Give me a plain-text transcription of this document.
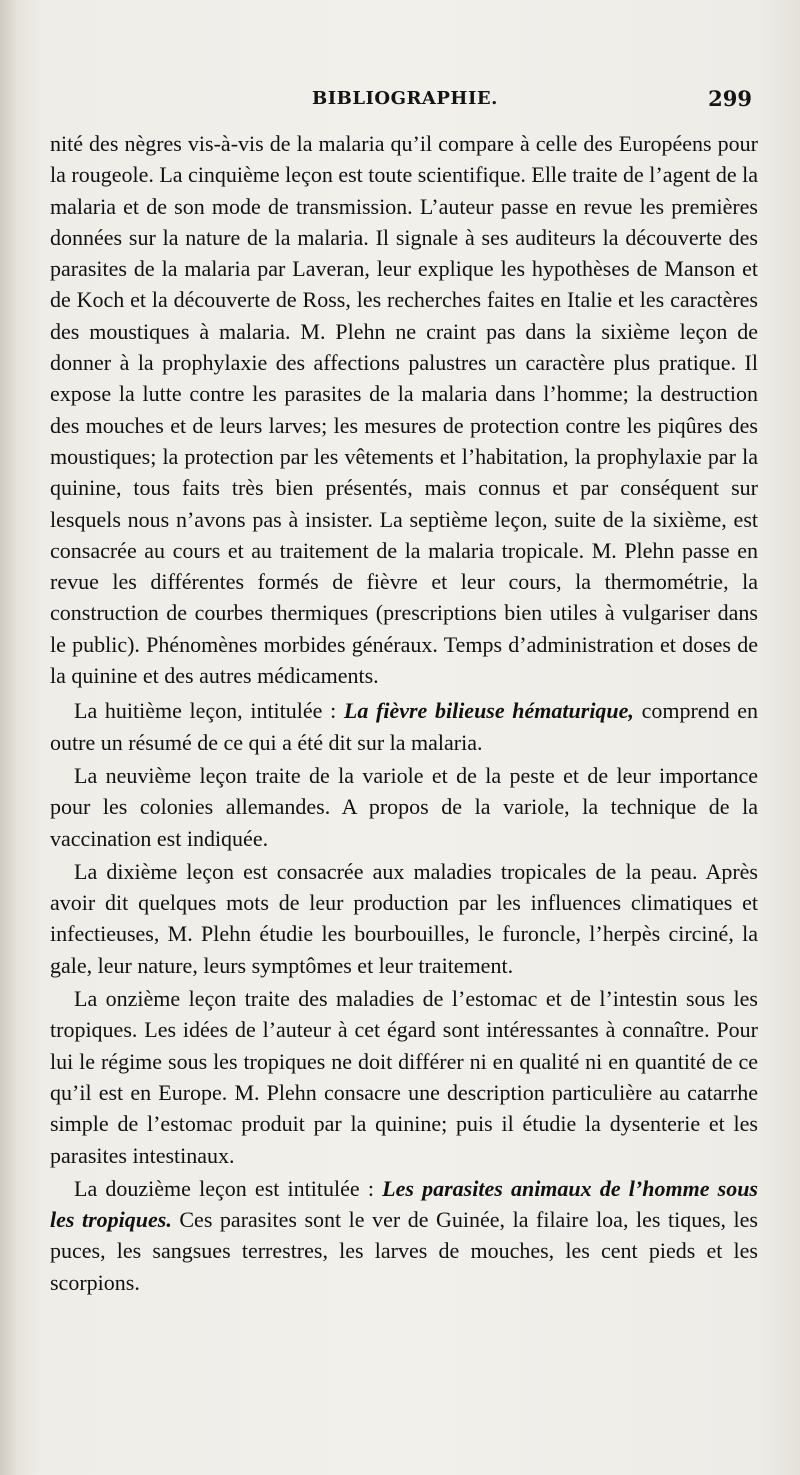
BIBLIOGRAPHIE.	299

nité des nègres vis-à-vis de la malaria qu’il compare à celle des Européens pour la rougeole. La cinquième leçon est toute scientifique. Elle traite de l’agent de la malaria et de son mode de transmission. L’auteur passe en revue les premières données sur la nature de la malaria. Il signale à ses auditeurs la découverte des parasites de la malaria par Laveran, leur explique les hypothèses de Manson et de Koch et la découverte de Ross, les recherches faites en Italie et les caractères des moustiques à malaria. M. Plehn ne craint pas dans la sixième leçon de donner à la prophylaxie des affections palustres un caractère plus pratique. Il expose la lutte contre les parasites de la malaria dans l’homme; la destruction des mouches et de leurs larves; les mesures de protection contre les piqûres des moustiques; la protection par les vêtements et l’habitation, la prophylaxie par la quinine, tous faits très bien présentés, mais connus et par conséquent sur lesquels nous n’avons pas à insister. La septième leçon, suite de la sixième, est consacrée au cours et au traitement de la malaria tropicale. M. Plehn passe en revue les différentes formés de fièvre et leur cours, la thermométrie, la construction de courbes thermiques (prescriptions bien utiles à vulgariser dans le public). Phénomènes morbides généraux. Temps d’administration et doses de la quinine et des autres médicaments.

La huitième leçon, intitulée : La fièvre bilieuse hématurique, comprend en outre un résumé de ce qui a été dit sur la malaria.

La neuvième leçon traite de la variole et de la peste et de leur importance pour les colonies allemandes. A propos de la variole, la technique de la vaccination est indiquée.

La dixième leçon est consacrée aux maladies tropicales de la peau. Après avoir dit quelques mots de leur production par les influences climatiques et infectieuses, M. Plehn étudie les bourbouilles, le furoncle, l’herpès circiné, la gale, leur nature, leurs symptômes et leur traitement.

La onzième leçon traite des maladies de l’estomac et de l’intestin sous les tropiques. Les idées de l’auteur à cet égard sont intéressantes à connaître. Pour lui le régime sous les tropiques ne doit différer ni en qualité ni en quantité de ce qu’il est en Europe. M. Plehn consacre une description particulière au catarrhe simple de l’estomac produit par la quinine; puis il étudie la dysenterie et les parasites intestinaux.

La douzième leçon est intitulée : Les parasites animaux de l’homme sous les tropiques. Ces parasites sont le ver de Guinée, la filaire loa, les tiques, les puces, les sangsues terrestres, les larves de mouches, les cent pieds et les scorpions.
